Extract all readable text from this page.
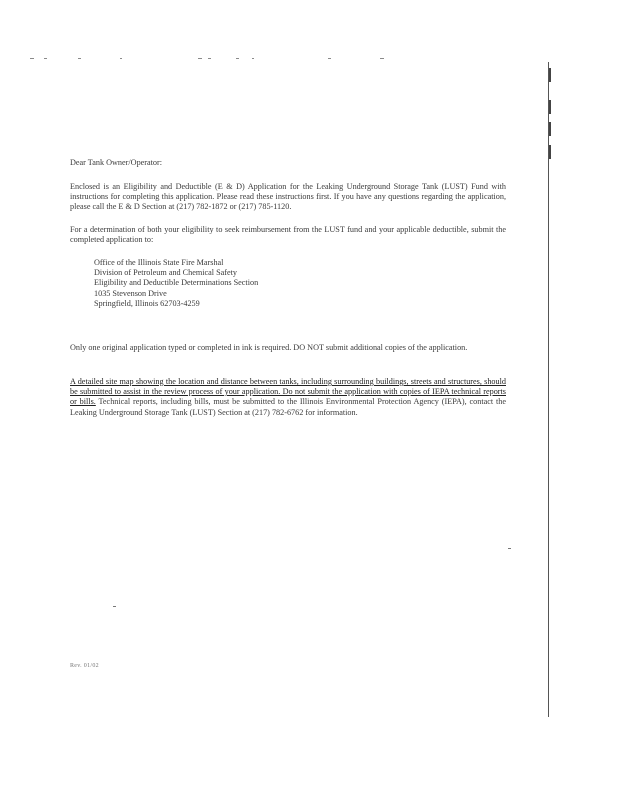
Dear Tank Owner/Operator:
Enclosed is an Eligibility and Deductible (E & D) Application for the Leaking Underground Storage Tank (LUST) Fund with instructions for completing this application. Please read these instructions first. If you have any questions regarding the application, please call the E & D Section at (217) 782-1872 or (217) 785-1120.
For a determination of both your eligibility to seek reimbursement from the LUST fund and your applicable deductible, submit the completed application to:
Office of the Illinois State Fire Marshal
Division of Petroleum and Chemical Safety
Eligibility and Deductible Determinations Section
1035 Stevenson Drive
Springfield, Illinois 62703-4259
Only one original application typed or completed in ink is required. DO NOT submit additional copies of the application.
A detailed site map showing the location and distance between tanks, including surrounding buildings, streets and structures, should be submitted to assist in the review process of your application. Do not submit the application with copies of IEPA technical reports or bills. Technical reports, including bills, must be submitted to the Illinois Environmental Protection Agency (IEPA), contact the Leaking Underground Storage Tank (LUST) Section at (217) 782-6762 for information.
Rev. 01/02
